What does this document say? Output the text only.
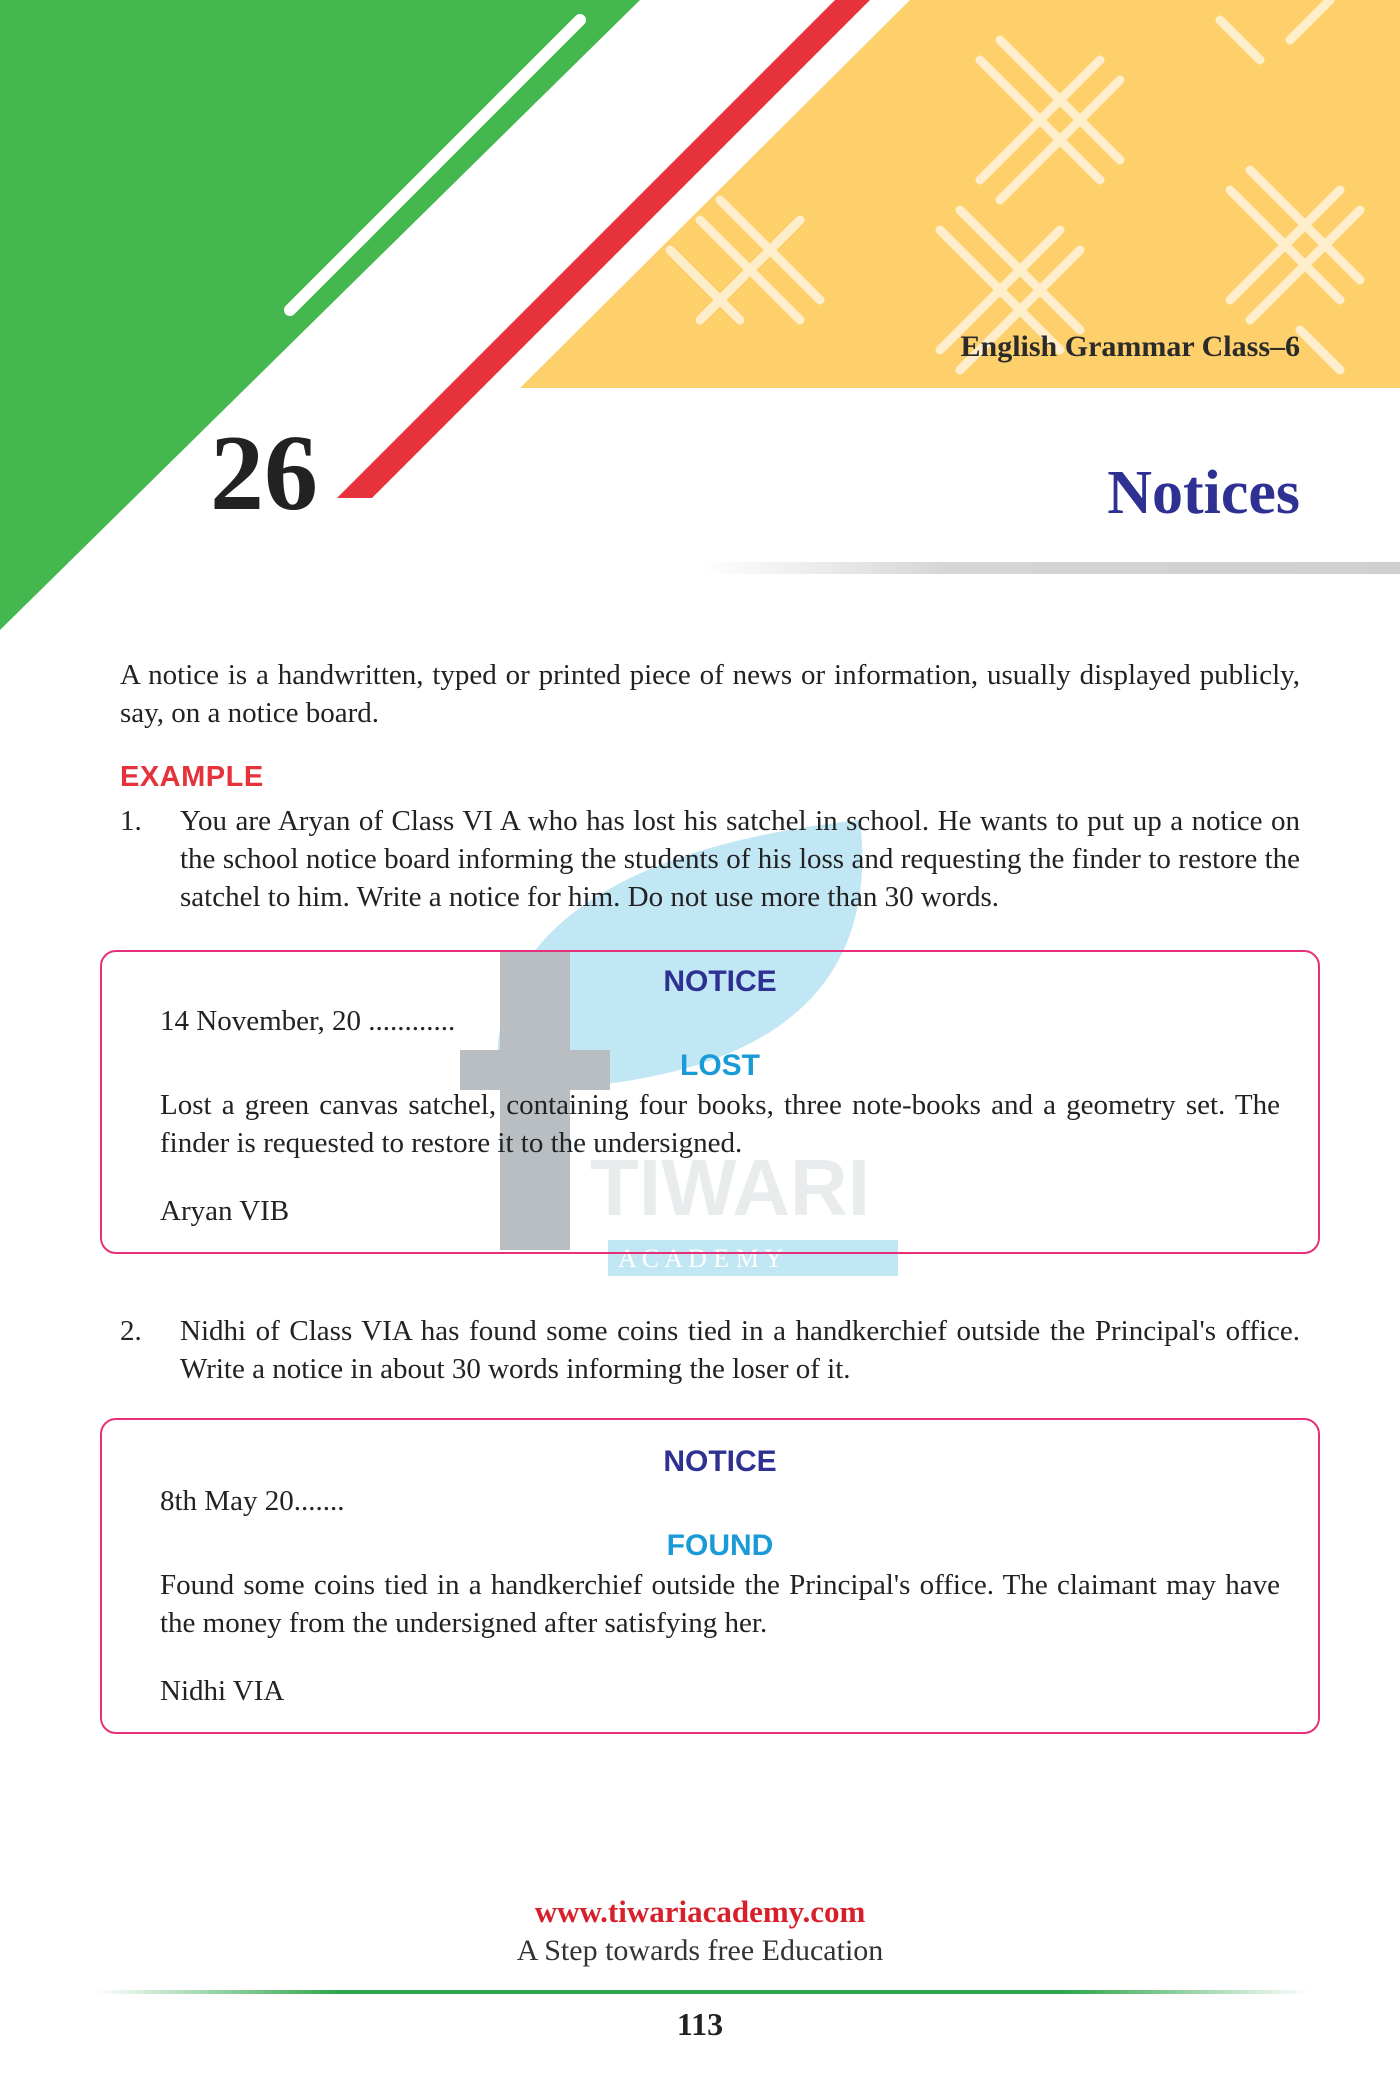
English Grammar Class–6
26	Notices
TIWARI
A C A D E M Y

A notice is a handwritten, typed or printed piece of news or information, usually displayed publicly, say, on a notice board.

EXAMPLE
1.	You are Aryan of Class VI A who has lost his satchel in school. He wants to put up a notice on the school notice board informing the students of his loss and requesting the finder to restore the satchel to him. Write a notice for him. Do not use more than 30 words.
NOTICE

14 November, 20 ............

LOST

Lost a green canvas satchel, containing four books, three note-books and a geometry set. The finder is requested to restore it to the undersigned.

Aryan VIB

2.	Nidhi of Class VIA has found some coins tied in a handkerchief outside the Principal's office. Write a notice in about 30 words informing the loser of it.
NOTICE

8th May 20.......

FOUND

Found some coins tied in a handkerchief outside the Principal's office. The claimant may have the money from the undersigned after satisfying her.

Nidhi VIA

www.tiwariacademy.com
A Step towards free Education
113
